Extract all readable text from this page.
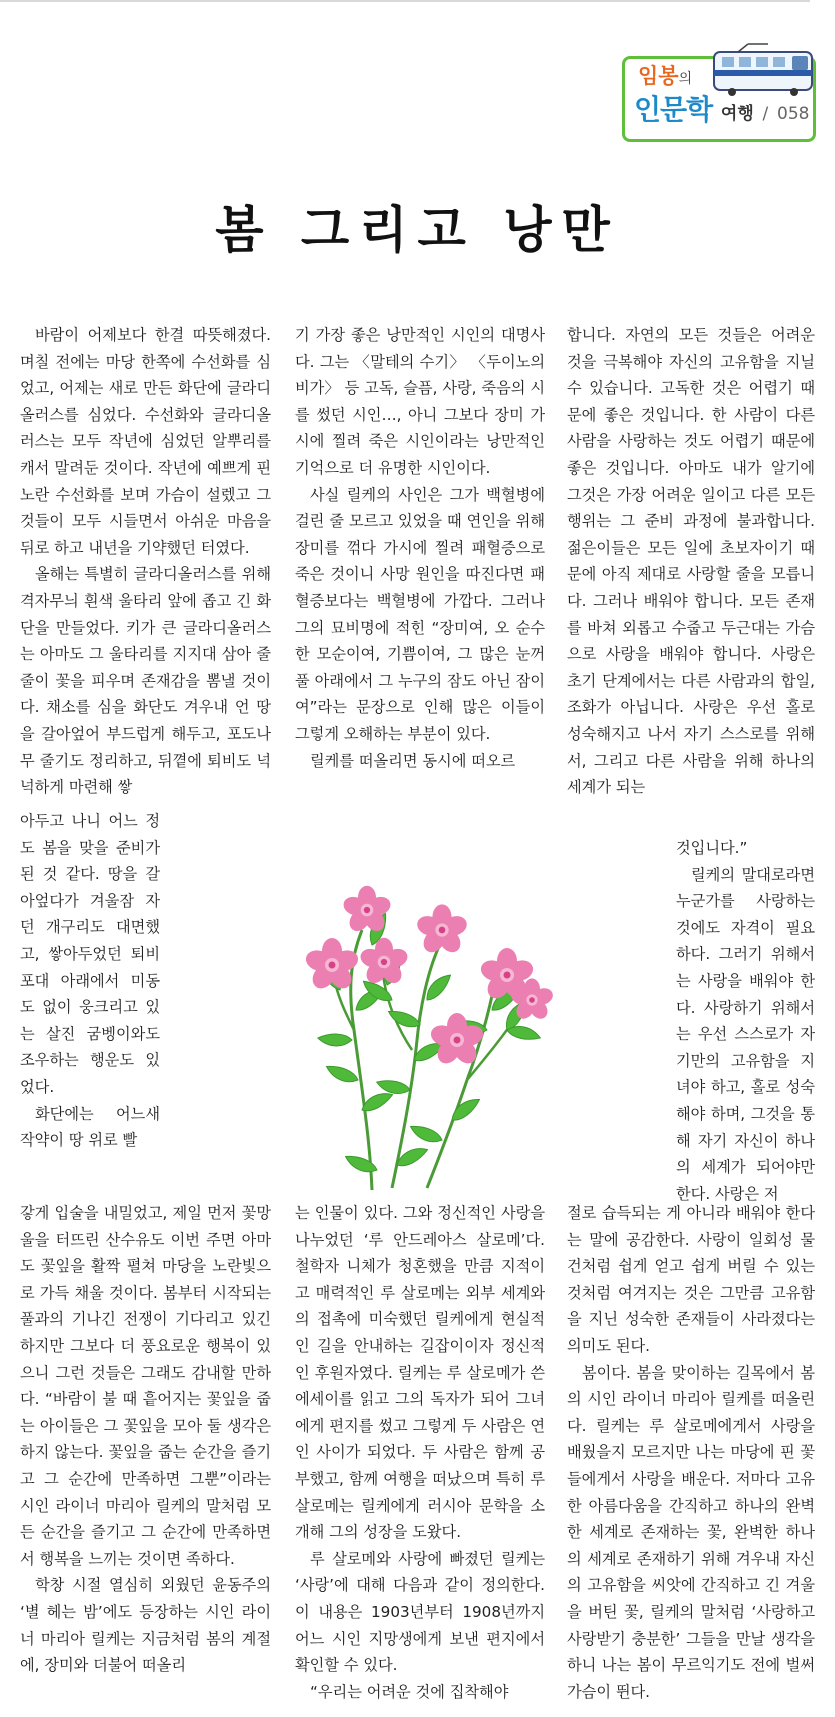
임봉의
인문학 여행 / 058
봄 그리고 낭만

바람이 어제보다 한결 따뜻해졌다. 며칠 전에는 마당 한쪽에 수선화를 심었고, 어제는 새로 만든 화단에 글라디올러스를 심었다. 수선화와 글라디올러스는 모두 작년에 심었던 알뿌리를 캐서 말려둔 것이다. 작년에 예쁘게 핀 노란 수선화를 보며 가슴이 설렜고 그것들이 모두 시들면서 아쉬운 마음을 뒤로 하고 내년을 기약했던 터였다.

올해는 특별히 글라디올러스를 위해 격자무늬 흰색 울타리 앞에 좁고 긴 화단을 만들었다. 키가 큰 글라디올러스는 아마도 그 울타리를 지지대 삼아 줄줄이 꽃을 피우며 존재감을 뽐낼 것이다. 채소를 심을 화단도 겨우내 언 땅을 갈아엎어 부드럽게 해두고, 포도나무 줄기도 정리하고, 뒤꼍에 퇴비도 넉넉하게 마련해 쌓

아두고 나니 어느 정도 봄을 맞을 준비가 된 것 같다. 땅을 갈아엎다가 겨울잠 자던 개구리도 대면했고, 쌓아두었던 퇴비 포대 아래에서 미동도 없이 웅크리고 있는 살진 굼벵이와도 조우하는 행운도 있었다.

화단에는 어느새 작약이 땅 위로 빨

갛게 입술을 내밀었고, 제일 먼저 꽃망울을 터뜨린 산수유도 이번 주면 아마도 꽃잎을 활짝 펼쳐 마당을 노란빛으로 가득 채울 것이다. 봄부터 시작되는 풀과의 기나긴 전쟁이 기다리고 있긴 하지만 그보다 더 풍요로운 행복이 있으니 그런 것들은 그래도 감내할 만하다. “바람이 불 때 흩어지는 꽃잎을 줍는 아이들은 그 꽃잎을 모아 둘 생각은 하지 않는다. 꽃잎을 줍는 순간을 즐기고 그 순간에 만족하면 그뿐”이라는 시인 라이너 마리아 릴케의 말처럼 모든 순간을 즐기고 그 순간에 만족하면서 행복을 느끼는 것이면 족하다.

학창 시절 열심히 외웠던 윤동주의 ‘별 헤는 밤’에도 등장하는 시인 라이너 마리아 릴케는 지금처럼 봄의 계절에, 장미와 더불어 떠올리

기 가장 좋은 낭만적인 시인의 대명사다. 그는 〈말테의 수기〉 〈두이노의 비가〉 등 고독, 슬픔, 사랑, 죽음의 시를 썼던 시인…, 아니 그보다 장미 가시에 찔려 죽은 시인이라는 낭만적인 기억으로 더 유명한 시인이다.

사실 릴케의 사인은 그가 백혈병에 걸린 줄 모르고 있었을 때 연인을 위해 장미를 꺾다 가시에 찔려 패혈증으로 죽은 것이니 사망 원인을 따진다면 패혈증보다는 백혈병에 가깝다. 그러나 그의 묘비명에 적힌 “장미여, 오 순수한 모순이여, 기쁨이여, 그 많은 눈꺼풀 아래에서 그 누구의 잠도 아닌 잠이여”라는 문장으로 인해 많은 이들이 그렇게 오해하는 부분이 있다.

릴케를 떠올리면 동시에 떠오르

는 인물이 있다. 그와 정신적인 사랑을 나누었던 ‘루 안드레아스 살로메’다. 철학자 니체가 청혼했을 만큼 지적이고 매력적인 루 살로메는 외부 세계와의 접촉에 미숙했던 릴케에게 현실적인 길을 안내하는 길잡이이자 정신적인 후원자였다. 릴케는 루 살로메가 쓴 에세이를 읽고 그의 독자가 되어 그녀에게 편지를 썼고 그렇게 두 사람은 연인 사이가 되었다. 두 사람은 함께 공부했고, 함께 여행을 떠났으며 특히 루 살로메는 릴케에게 러시아 문학을 소개해 그의 성장을 도왔다.

루 살로메와 사랑에 빠졌던 릴케는 ‘사랑’에 대해 다음과 같이 정의한다. 이 내용은 1903년부터 1908년까지 어느 시인 지망생에게 보낸 편지에서 확인할 수 있다.

“우리는 어려운 것에 집착해야

합니다. 자연의 모든 것들은 어려운 것을 극복해야 자신의 고유함을 지닐 수 있습니다. 고독한 것은 어렵기 때문에 좋은 것입니다. 한 사람이 다른 사람을 사랑하는 것도 어렵기 때문에 좋은 것입니다. 아마도 내가 알기에 그것은 가장 어려운 일이고 다른 모든 행위는 그 준비 과정에 불과합니다. 젊은이들은 모든 일에 초보자이기 때문에 아직 제대로 사랑할 줄을 모릅니다. 그러나 배워야 합니다. 모든 존재를 바쳐 외롭고 수줍고 두근대는 가슴으로 사랑을 배워야 합니다. 사랑은 초기 단계에서는 다른 사람과의 합일, 조화가 아닙니다. 사랑은 우선 홀로 성숙해지고 나서 자기 스스로를 위해서, 그리고 다른 사람을 위해 하나의 세계가 되는

것입니다.”

릴케의 말대로라면 누군가를 사랑하는 것에도 자격이 필요하다. 그러기 위해서는 사랑을 배워야 한다. 사랑하기 위해서는 우선 스스로가 자기만의 고유함을 지녀야 하고, 홀로 성숙해야 하며, 그것을 통해 자기 자신이 하나의 세계가 되어야만 한다. 사랑은 저

절로 습득되는 게 아니라 배워야 한다는 말에 공감한다. 사랑이 일회성 물건처럼 쉽게 얻고 쉽게 버릴 수 있는 것처럼 여겨지는 것은 그만큼 고유함을 지닌 성숙한 존재들이 사라졌다는 의미도 된다.

봄이다. 봄을 맞이하는 길목에서 봄의 시인 라이너 마리아 릴케를 떠올린다. 릴케는 루 살로메에게서 사랑을 배웠을지 모르지만 나는 마당에 핀 꽃들에게서 사랑을 배운다. 저마다 고유한 아름다움을 간직하고 하나의 완벽한 세계로 존재하는 꽃, 완벽한 하나의 세계로 존재하기 위해 겨우내 자신의 고유함을 씨앗에 간직하고 긴 겨울을 버틴 꽃, 릴케의 말처럼 ‘사랑하고 사랑받기 충분한’ 그들을 만날 생각을 하니 나는 봄이 무르익기도 전에 벌써 가슴이 뛴다.
